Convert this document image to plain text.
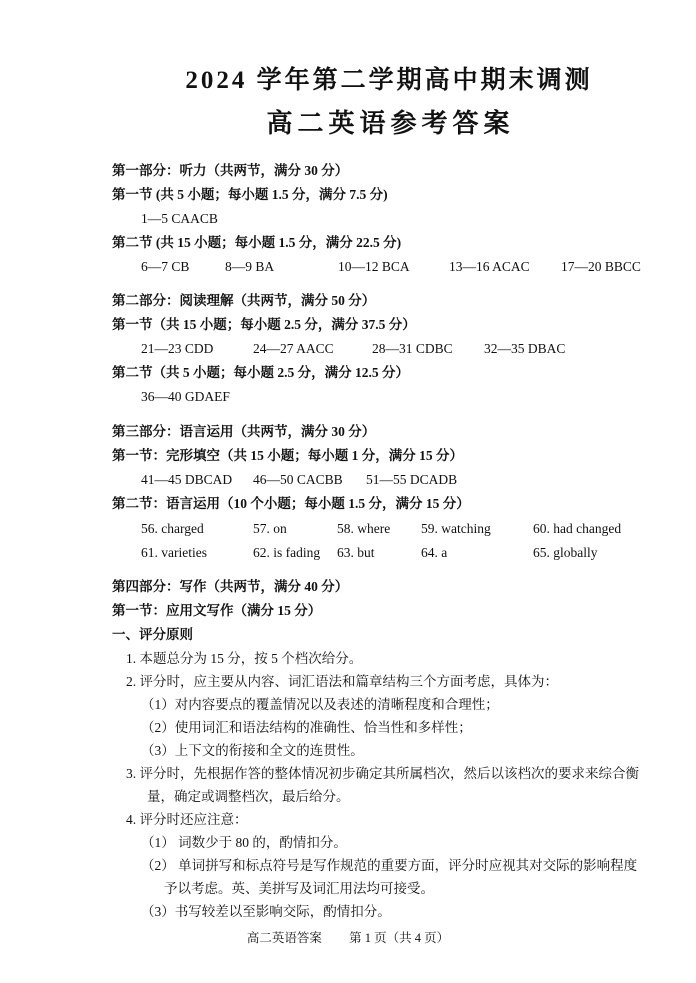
2024 学年第二学期高中期末调测
高二英语参考答案
第一部分：听力（共两节，满分 30 分）
第一节 (共 5 小题；每小题 1.5 分，满分 7.5 分)
1—5 CAACB
第二节 (共 15 小题；每小题 1.5 分，满分 22.5 分)
6—7 CB	8—9 BA	10—12 BCA	13—16 ACAC 17—20 BBCC
第二部分：阅读理解（共两节，满分 50 分）
第一节（共 15 小题；每小题 2.5 分，满分 37.5 分）
21—23 CDD	24—27 AACC	28—31 CDBC 32—35 DBAC
第二节（共 5 小题；每小题 2.5 分，满分 12.5 分）
36—40 GDAEF
第三部分：语言运用（共两节，满分 30 分）
第一节：完形填空（共 15 小题；每小题 1 分，满分 15 分）
41—45 DBCAD 46—50 CACBB 51—55 DCADB
第二节：语言运用（10 个小题；每小题 1.5 分，满分 15 分）
56. charged	57. on	58. where 59. watching	60. had changed
61. varieties	62. is fading 63. but	64. a	65. globally
第四部分：写作（共两节，满分 40 分）
第一节：应用文写作（满分 15 分）
一、评分原则
1. 本题总分为 15 分，按 5 个档次给分。
2. 评分时，应主要从内容、词汇语法和篇章结构三个方面考虑，具体为：
（1）对内容要点的覆盖情况以及表述的清晰程度和合理性；
（2）使用词汇和语法结构的准确性、恰当性和多样性；
（3）上下文的衔接和全文的连贯性。
3. 评分时，先根据作答的整体情况初步确定其所属档次，然后以该档次的要求来综合衡
量，确定或调整档次，最后给分。
4. 评分时还应注意：
（1） 词数少于 80 的，酌情扣分。
（2） 单词拼写和标点符号是写作规范的重要方面，评分时应视其对交际的影响程度
予以考虑。英、美拼写及词汇用法均可接受。
（3）书写较差以至影响交际，酌情扣分。
高二英语答案 第 1 页（共 4 页）
